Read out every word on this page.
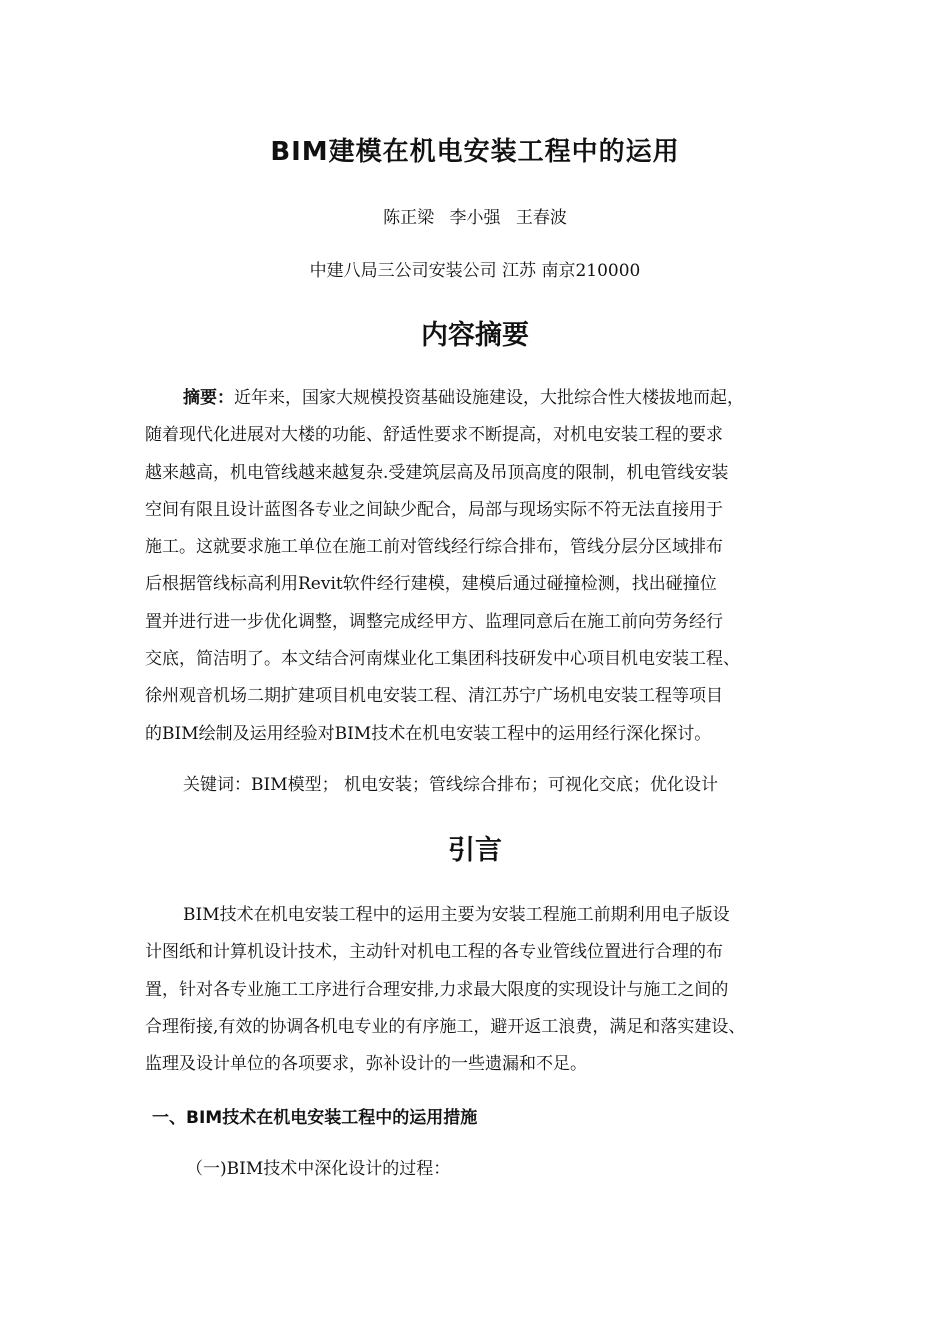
BIM建模在机电安装工程中的运用
陈正梁 李小强 王春波
中建八局三公司安装公司 江苏 南京210000
内容摘要
摘要：近年来，国家大规模投资基础设施建设，大批综合性大楼拔地而起，
随着现代化进展对大楼的功能、舒适性要求不断提高，对机电安装工程的要求
越来越高，机电管线越来越复杂.受建筑层高及吊顶高度的限制，机电管线安装
空间有限且设计蓝图各专业之间缺少配合，局部与现场实际不符无法直接用于
施工。这就要求施工单位在施工前对管线经行综合排布，管线分层分区域排布
后根据管线标高利用Revit软件经行建模，建模后通过碰撞检测，找出碰撞位
置并进行进一步优化调整，调整完成经甲方、监理同意后在施工前向劳务经行
交底，简洁明了。本文结合河南煤业化工集团科技研发中心项目机电安装工程、
徐州观音机场二期扩建项目机电安装工程、清江苏宁广场机电安装工程等项目
的BIM绘制及运用经验对BIM技术在机电安装工程中的运用经行深化探讨。
关键词：BIM模型； 机电安装；管线综合排布；可视化交底；优化设计
引言
BIM技术在机电安装工程中的运用主要为安装工程施工前期利用电子版设
计图纸和计算机设计技术，主动针对机电工程的各专业管线位置进行合理的布
置，针对各专业施工工序进行合理安排,力求最大限度的实现设计与施工之间的
合理衔接,有效的协调各机电专业的有序施工，避开返工浪费，满足和落实建设、
监理及设计单位的各项要求，弥补设计的一些遗漏和不足。
一、BIM技术在机电安装工程中的运用措施
（一)BIM技术中深化设计的过程：
